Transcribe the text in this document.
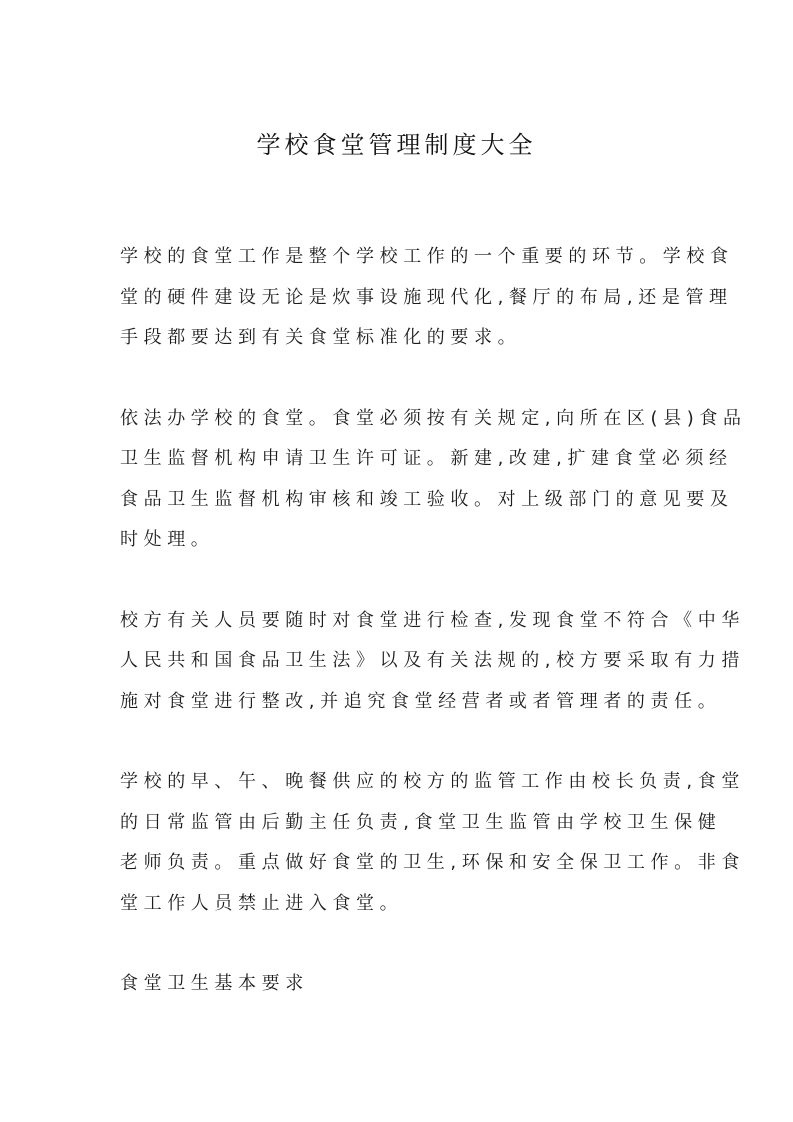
学校食堂管理制度大全

学校的食堂工作是整个学校工作的一个重要的环节。学校食
堂的硬件建设无论是炊事设施现代化,餐厅的布局,还是管理
手段都要达到有关食堂标准化的要求。

依法办学校的食堂。食堂必须按有关规定,向所在区(县)食品
卫生监督机构申请卫生许可证。新建,改建,扩建食堂必须经
食品卫生监督机构审核和竣工验收。对上级部门的意见要及
时处理。

校方有关人员要随时对食堂进行检查,发现食堂不符合《中华
人民共和国食品卫生法》以及有关法规的,校方要采取有力措
施对食堂进行整改,并追究食堂经营者或者管理者的责任。

学校的早、午、晚餐供应的校方的监管工作由校长负责,食堂
的日常监管由后勤主任负责,食堂卫生监管由学校卫生保健
老师负责。重点做好食堂的卫生,环保和安全保卫工作。非食
堂工作人员禁止进入食堂。

食堂卫生基本要求
